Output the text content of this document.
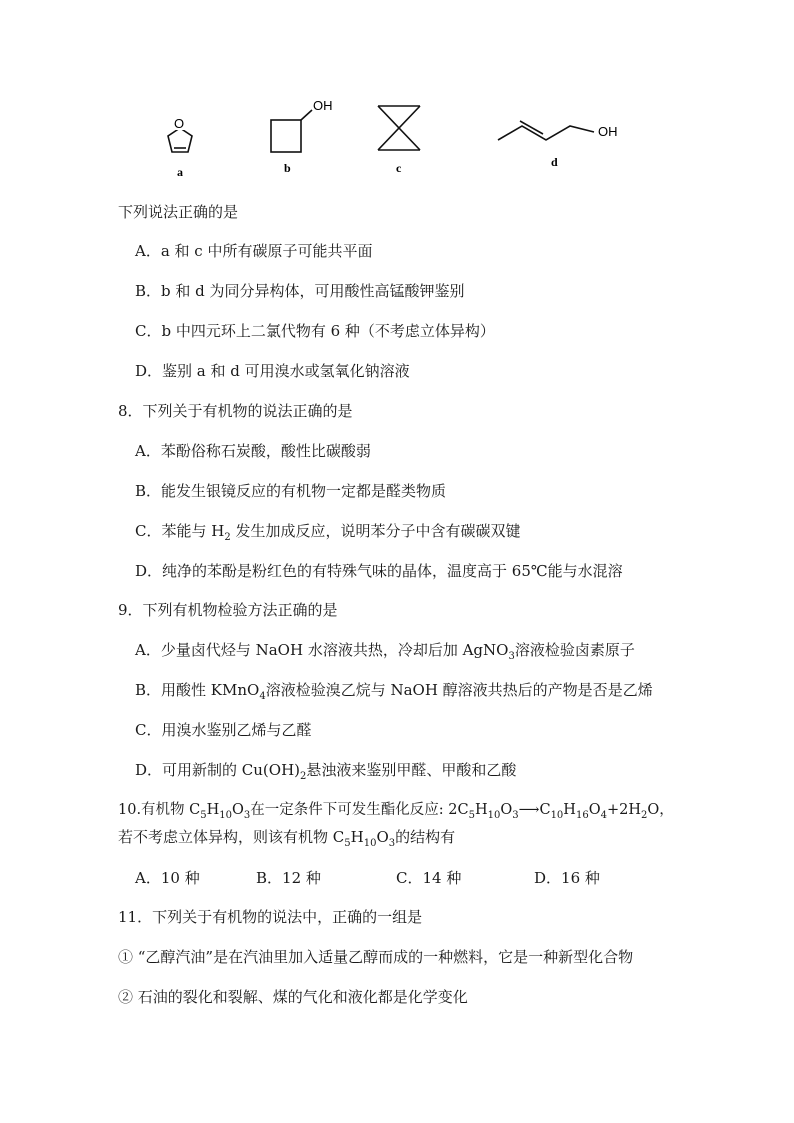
O
a
OH
b	c
OH
d
下列说法正确的是
A．a 和 c 中所有碳原子可能共平面
B．b 和 d 为同分异构体，可用酸性高锰酸钾鉴别
C．b 中四元环上二氯代物有 6 种（不考虑立体异构）
D．鉴别 a 和 d 可用溴水或氢氧化钠溶液
8．下列关于有机物的说法正确的是
A．苯酚俗称石炭酸，酸性比碳酸弱
B．能发生银镜反应的有机物一定都是醛类物质
C．苯能与 $H_2$ 发生加成反应，说明苯分子中含有碳碳双键
D．纯净的苯酚是粉红色的有特殊气味的晶体，温度高于 65℃能与水混溶
9．下列有机物检验方法正确的是
A．少量卤代烃与 NaOH 水溶液共热，冷却后加 AgNO$_3$溶液检验卤素原子
B．用酸性 KMnO$_4$溶液检验溴乙烷与 NaOH 醇溶液共热后的产物是否是乙烯
C．用溴水鉴别乙烯与乙醛
D．可用新制的 $Cu(OH)_2$悬浊液来鉴别甲醛、甲酸和乙酸
10.有机物 $C_5H_{10}O_3$在一定条件下可发生酯化反应: $2C_5H_{10}O_3⟶C_{10}H_{16}O_4+2H_2O$，
若不考虑立体异构，则该有机物 $C_5H_{10}O_3$的结构有
A．10 种	B．12 种	C．14 种	D．16 种
11．下列关于有机物的说法中，正确的一组是
① “乙醇汽油”是在汽油里加入适量乙醇而成的一种燃料，它是一种新型化合物
② 石油的裂化和裂解、煤的气化和液化都是化学变化
